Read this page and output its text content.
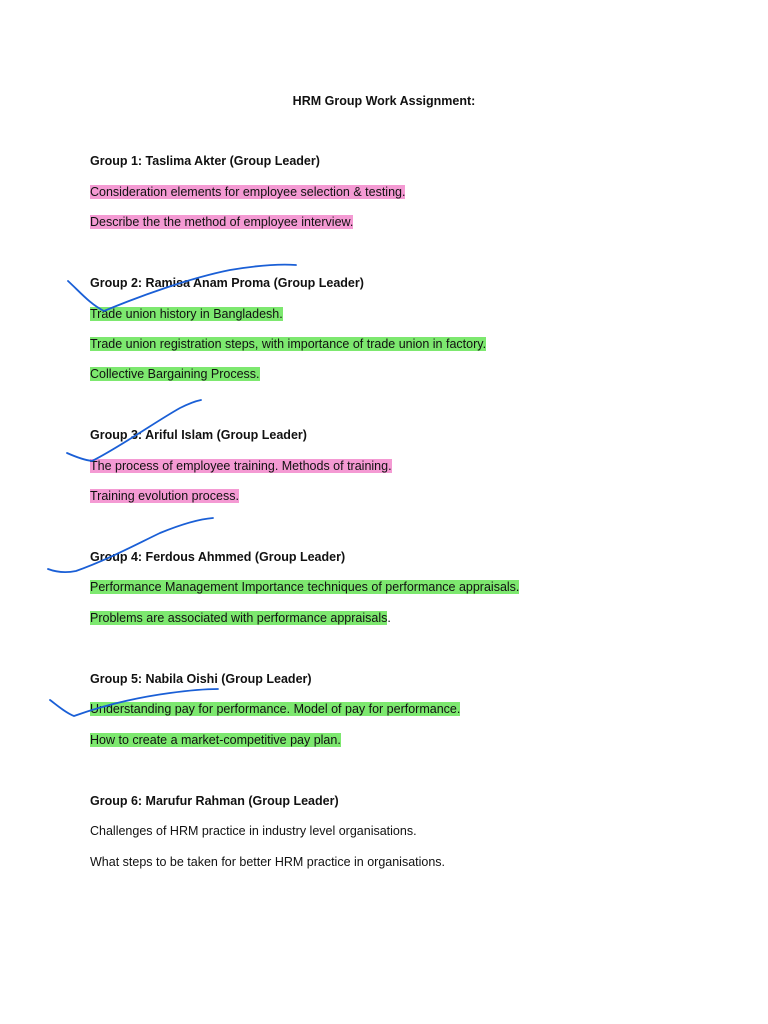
HRM Group Work Assignment:
Group 1: Taslima Akter (Group Leader)
Consideration elements for employee selection & testing.
Describe the the method of employee interview.
Group 2: Ramisa Anam Proma (Group Leader)
Trade union history in Bangladesh.
Trade union registration steps, with importance of trade union in factory.
Collective Bargaining Process.
Group 3: Ariful Islam (Group Leader)
The process of employee training. Methods of training.
Training evolution process.
Group 4: Ferdous Ahmmed (Group Leader)
Performance Management Importance techniques of performance appraisals.
Problems are associated with performance appraisals.
Group 5: Nabila Oishi (Group Leader)
Understanding pay for performance. Model of pay for performance.
How to create a market-competitive pay plan.
Group 6: Marufur Rahman (Group Leader)
Challenges of HRM practice in industry level organisations.
What steps to be taken for better HRM practice in organisations.
